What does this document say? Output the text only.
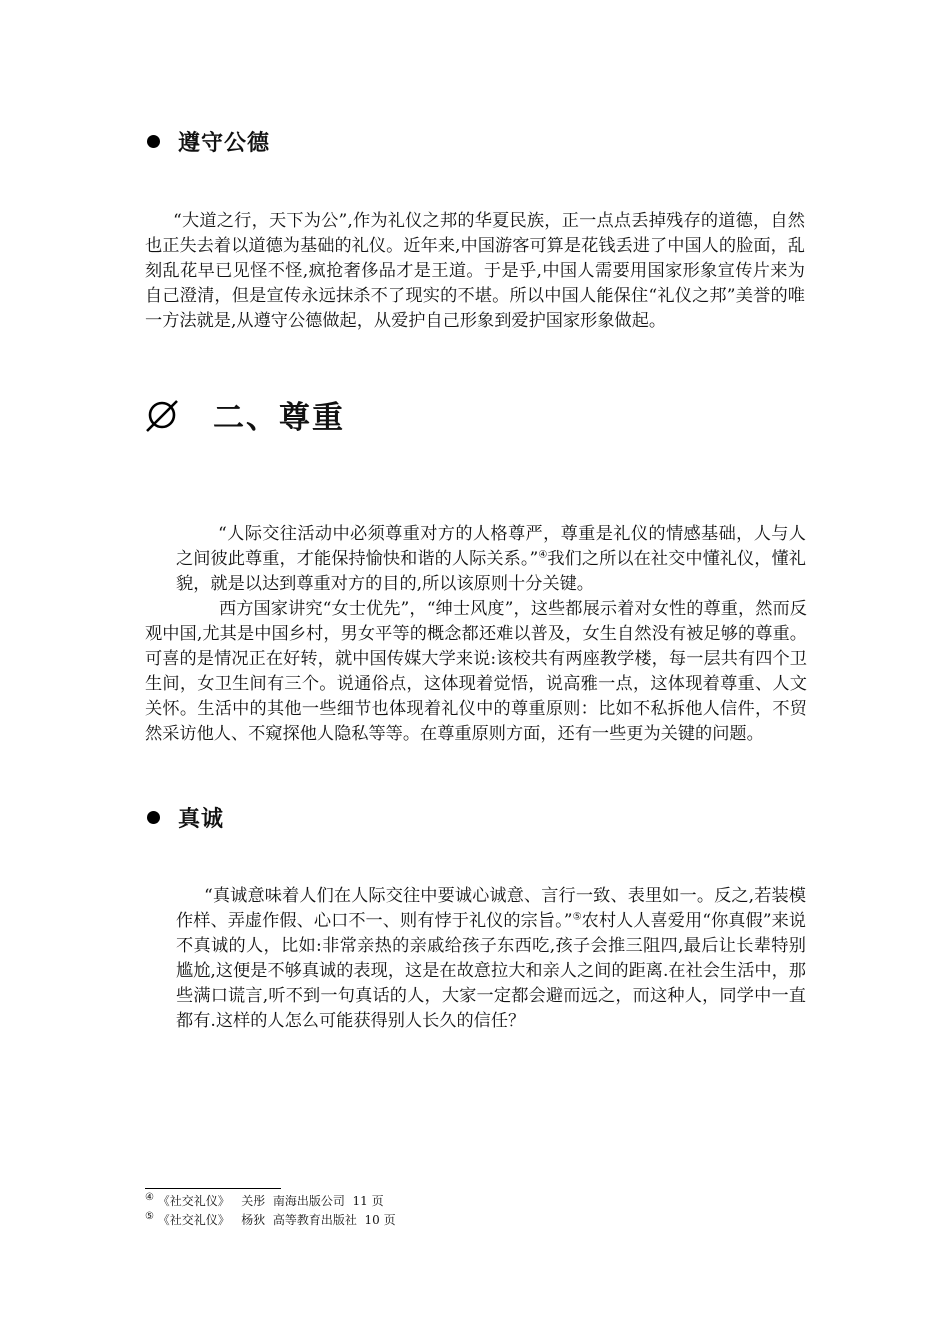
遵守公德

“大道之行，天下为公”,作为礼仪之邦的华夏民族，正一点点丢掉残存的道德，自然也正失去着以道德为基础的礼仪。近年来,中国游客可算是花钱丢进了中国人的脸面，乱刻乱花早已见怪不怪,疯抢奢侈品才是王道。于是乎,中国人需要用国家形象宣传片来为自己澄清，但是宣传永远抹杀不了现实的不堪。所以中国人能保住“礼仪之邦”美誉的唯一方法就是,从遵守公德做起，从爱护自己形象到爱护国家形象做起。

二、尊重

“人际交往活动中必须尊重对方的人格尊严，尊重是礼仪的情感基础，人与人之间彼此尊重，才能保持愉快和谐的人际关系。”④我们之所以在社交中懂礼仪，懂礼貌，就是以达到尊重对方的目的,所以该原则十分关键。

西方国家讲究“女士优先”，“绅士风度”，这些都展示着对女性的尊重，然而反观中国,尤其是中国乡村，男女平等的概念都还难以普及，女生自然没有被足够的尊重。可喜的是情况正在好转，就中国传媒大学来说:该校共有两座教学楼，每一层共有四个卫生间，女卫生间有三个。说通俗点，这体现着觉悟，说高雅一点，这体现着尊重、人文关怀。生活中的其他一些细节也体现着礼仪中的尊重原则：比如不私拆他人信件，不贸然采访他人、不窥探他人隐私等等。在尊重原则方面，还有一些更为关键的问题。

真诚

“真诚意味着人们在人际交往中要诚心诚意、言行一致、表里如一。反之,若装模作样、弄虚作假、心口不一、则有悖于礼仪的宗旨。”⑤农村人人喜爱用“你真假”来说不真诚的人，比如:非常亲热的亲戚给孩子东西吃,孩子会推三阻四,最后让长辈特别尴尬,这便是不够真诚的表现，这是在故意拉大和亲人之间的距离.在社会生活中，那些满口谎言,听不到一句真话的人，大家一定都会避而远之，而这种人，同学中一直都有.这样的人怎么可能获得别人长久的信任？

④ 《社交礼仪》   关彤  南海出版公司  11 页
⑤ 《社交礼仪》   杨狄  高等教育出版社  10 页
